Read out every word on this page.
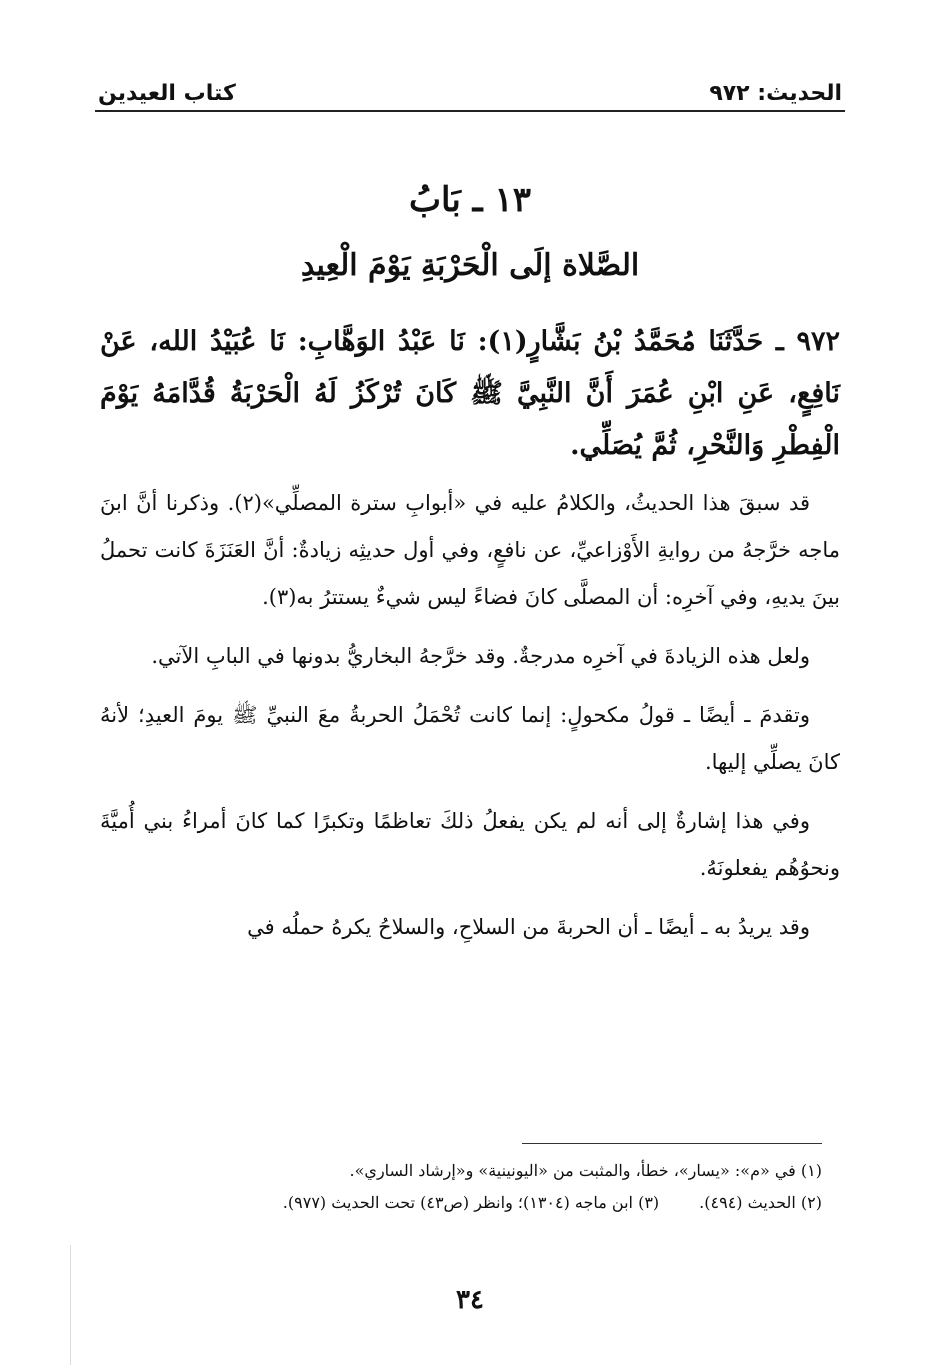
الحديث: ٩٧٢
كتاب العيدين
١٣ ـ بَابُ
الصَّلاة إلَى الْحَرْبَةِ يَوْمَ الْعِيدِ
٩٧٢ ـ حَدَّثَنَا مُحَمَّدُ بْنُ بَشَّارٍ(١): نَا عَبْدُ الوَهَّابِ: نَا عُبَيْدُ الله، عَنْ نَافِعٍ، عَنِ ابْنِ عُمَرَ أَنَّ النَّبِيَّ ﷺ كَانَ تُرْكَزُ لَهُ الْحَرْبَةُ قُدَّامَهُ يَوْمَ الْفِطْرِ وَالنَّحْرِ، ثُمَّ يُصَلِّي.

قد سبقَ هذا الحديثُ، والكلامُ عليه في «أبوابِ سترة المصلِّي»(٢). وذكرنا أنَّ ابنَ ماجه خرَّجهُ من روايةِ الأَوْزاعيِّ، عن نافعٍ، وفي أول حديثِه زيادةٌ: أنَّ العَنَزَةَ كانت تحملُ بينَ يديهِ، وفي آخرِه: أن المصلَّى كانَ فضاءً ليس شيءٌ يستترُ به(٣).

ولعل هذه الزيادةَ في آخرِه مدرجةٌ. وقد خرَّجهُ البخاريُّ بدونها في البابِ الآتي.

وتقدمَ ـ أيضًا ـ قولُ مكحولٍ: إنما كانت تُحْمَلُ الحربةُ معَ النبيِّ ﷺ يومَ العيدِ؛ لأنهُ كانَ يصلِّي إليها.

وفي هذا إشارةٌ إلى أنه لم يكن يفعلُ ذلكَ تعاظمًا وتكبرًا كما كانَ أمراءُ بني أُميَّةَ ونحوُهُم يفعلونَهُ.

وقد يريدُ به ـ أيضًا ـ أن الحربةَ من السلاحِ، والسلاحُ يكرهُ حملُه في

(١) في «م»: «يسار»، خطأ، والمثبت من «اليونينية» و«إرشاد الساري».
(٢) الحديث (٤٩٤).
(٣) ابن ماجه (١٣٠٤)؛ وانظر (ص٤٣) تحت الحديث (٩٧٧).
٣٤
